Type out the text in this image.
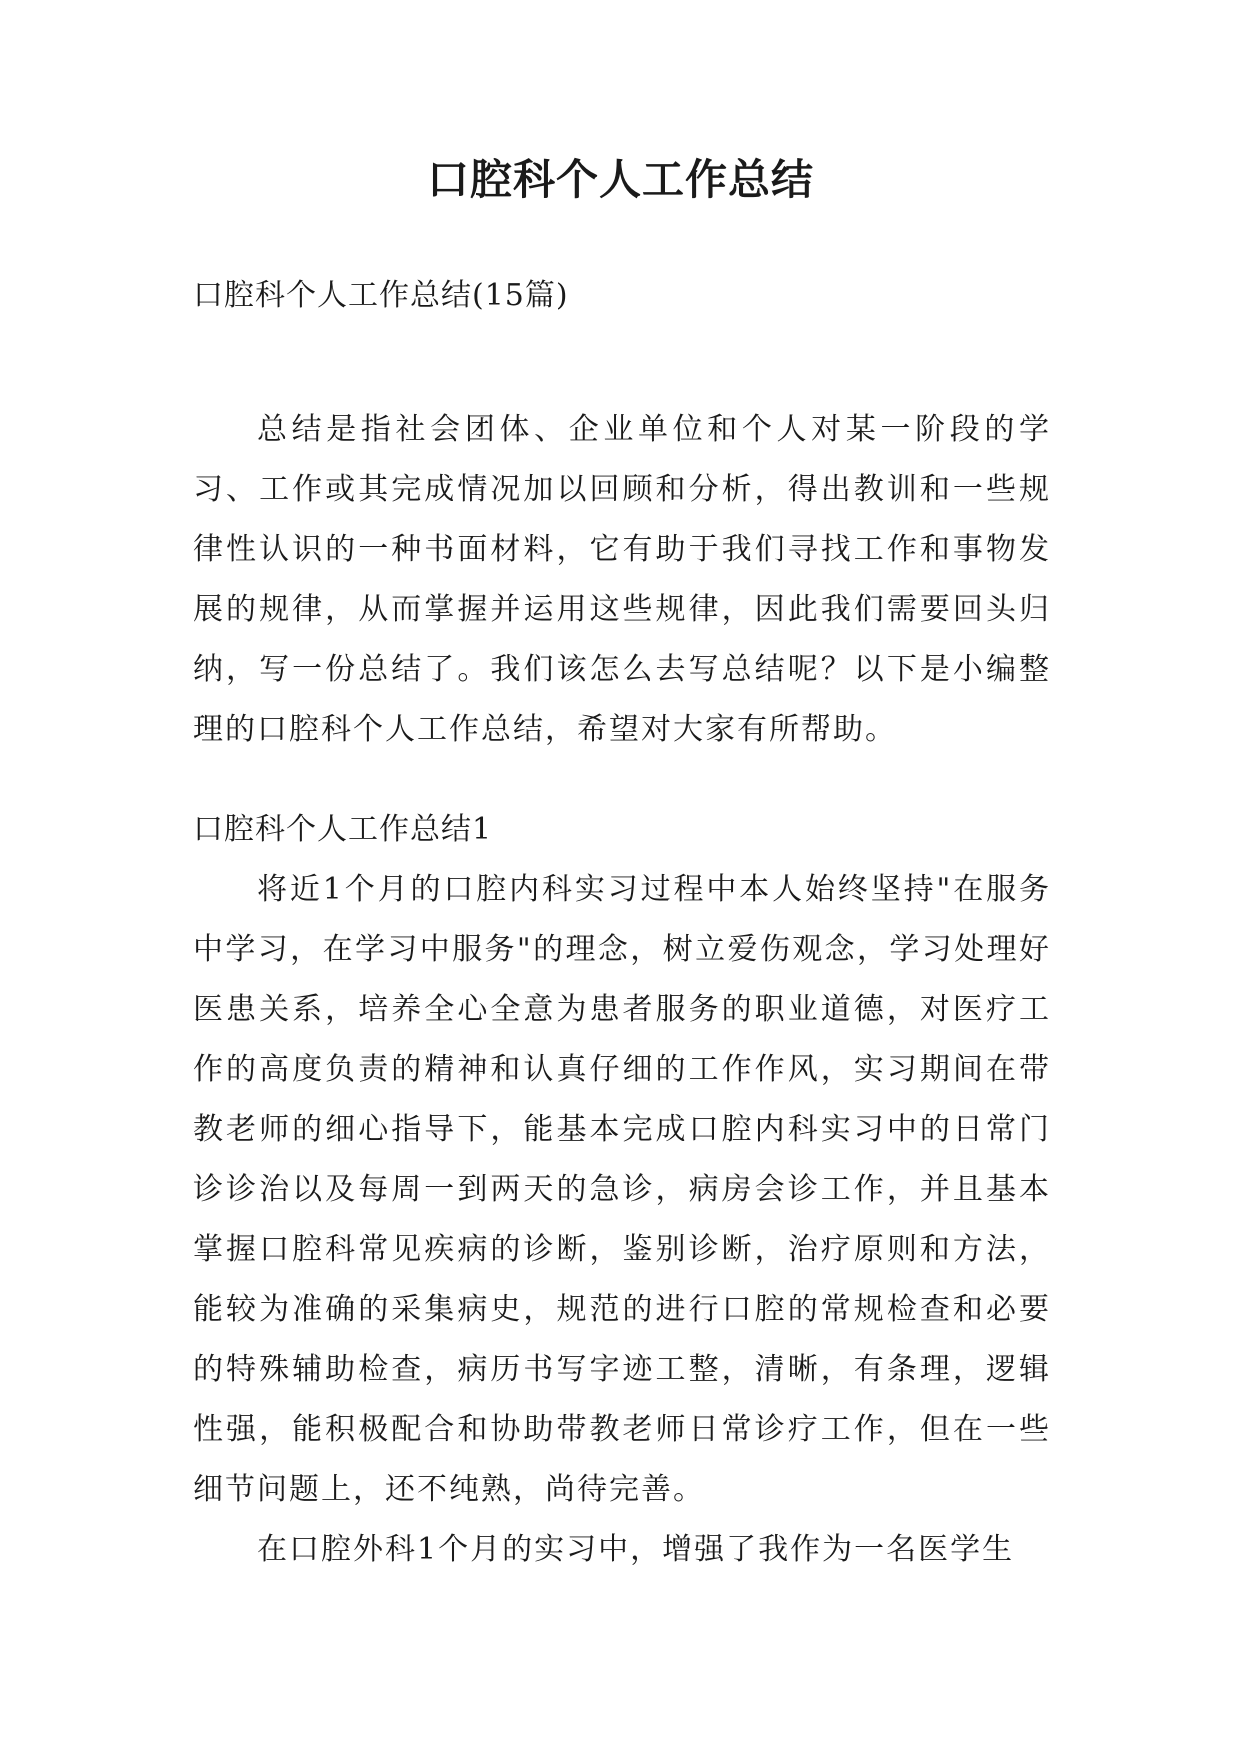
口腔科个人工作总结

口腔科个人工作总结(15篇)

总结是指社会团体、企业单位和个人对某一阶段的学习、工作或其完成情况加以回顾和分析，得出教训和一些规律性认识的一种书面材料，它有助于我们寻找工作和事物发展的规律，从而掌握并运用这些规律，因此我们需要回头归纳，写一份总结了。我们该怎么去写总结呢？以下是小编整理的口腔科个人工作总结，希望对大家有所帮助。

口腔科个人工作总结1

将近1个月的口腔内科实习过程中本人始终坚持"在服务中学习，在学习中服务"的理念，树立爱伤观念，学习处理好医患关系，培养全心全意为患者服务的职业道德，对医疗工作的高度负责的精神和认真仔细的工作作风，实习期间在带教老师的细心指导下，能基本完成口腔内科实习中的日常门诊诊治以及每周一到两天的急诊，病房会诊工作，并且基本掌握口腔科常见疾病的诊断，鉴别诊断，治疗原则和方法，能较为准确的采集病史，规范的进行口腔的常规检查和必要的特殊辅助检查，病历书写字迹工整，清晰，有条理，逻辑性强，能积极配合和协助带教老师日常诊疗工作，但在一些细节问题上，还不纯熟，尚待完善。

在口腔外科1个月的实习中，增强了我作为一名医学生
